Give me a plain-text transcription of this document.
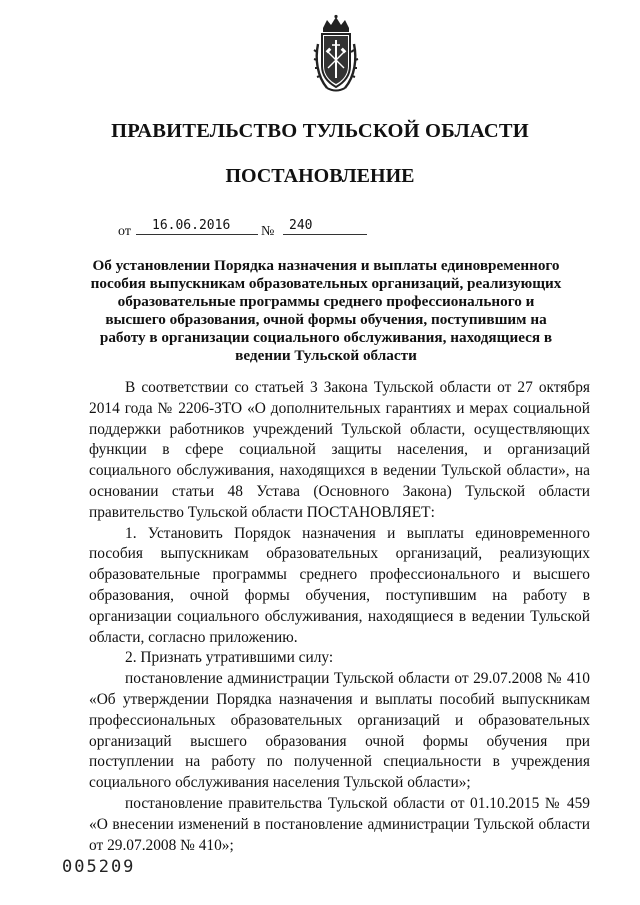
ПРАВИТЕЛЬСТВО ТУЛЬСКОЙ ОБЛАСТИ
ПОСТАНОВЛЕНИЕ
от	16.06.2016	№	240
Об установлении Порядка назначения и выплаты единовременного пособия выпускникам образовательных организаций, реализующих образовательные программы среднего профессионального и высшего образования, очной формы обучения, поступившим на работу в организации социального обслуживания, находящиеся в ведении Тульской области

В соответствии со статьей 3 Закона Тульской области от 27 октября 2014 года № 2206-ЗТО «О дополнительных гарантиях и мерах социальной поддержки работников учреждений Тульской области, осуществляющих функции в сфере социальной защиты населения, и организаций социального обслуживания, находящихся в ведении Тульской области», на основании статьи 48 Устава (Основного Закона) Тульской области правительство Тульской области ПОСТАНОВЛЯЕТ:

1. Установить Порядок назначения и выплаты единовременного пособия выпускникам образовательных организаций, реализующих образовательные программы среднего профессионального и высшего образования, очной формы обучения, поступившим на работу в организации социального обслуживания, находящиеся в ведении Тульской области, согласно приложению.

2. Признать утратившими силу:

постановление администрации Тульской области от 29.07.2008 № 410 «Об утверждении Порядка назначения и выплаты пособий выпускникам профессиональных образовательных организаций и образовательных организаций высшего образования очной формы обучения при поступлении на работу по полученной специальности в учреждения социального обслуживания населения Тульской области»;

постановление правительства Тульской области от 01.10.2015 № 459 «О внесении изменений в постановление администрации Тульской области от 29.07.2008 № 410»;

005209
